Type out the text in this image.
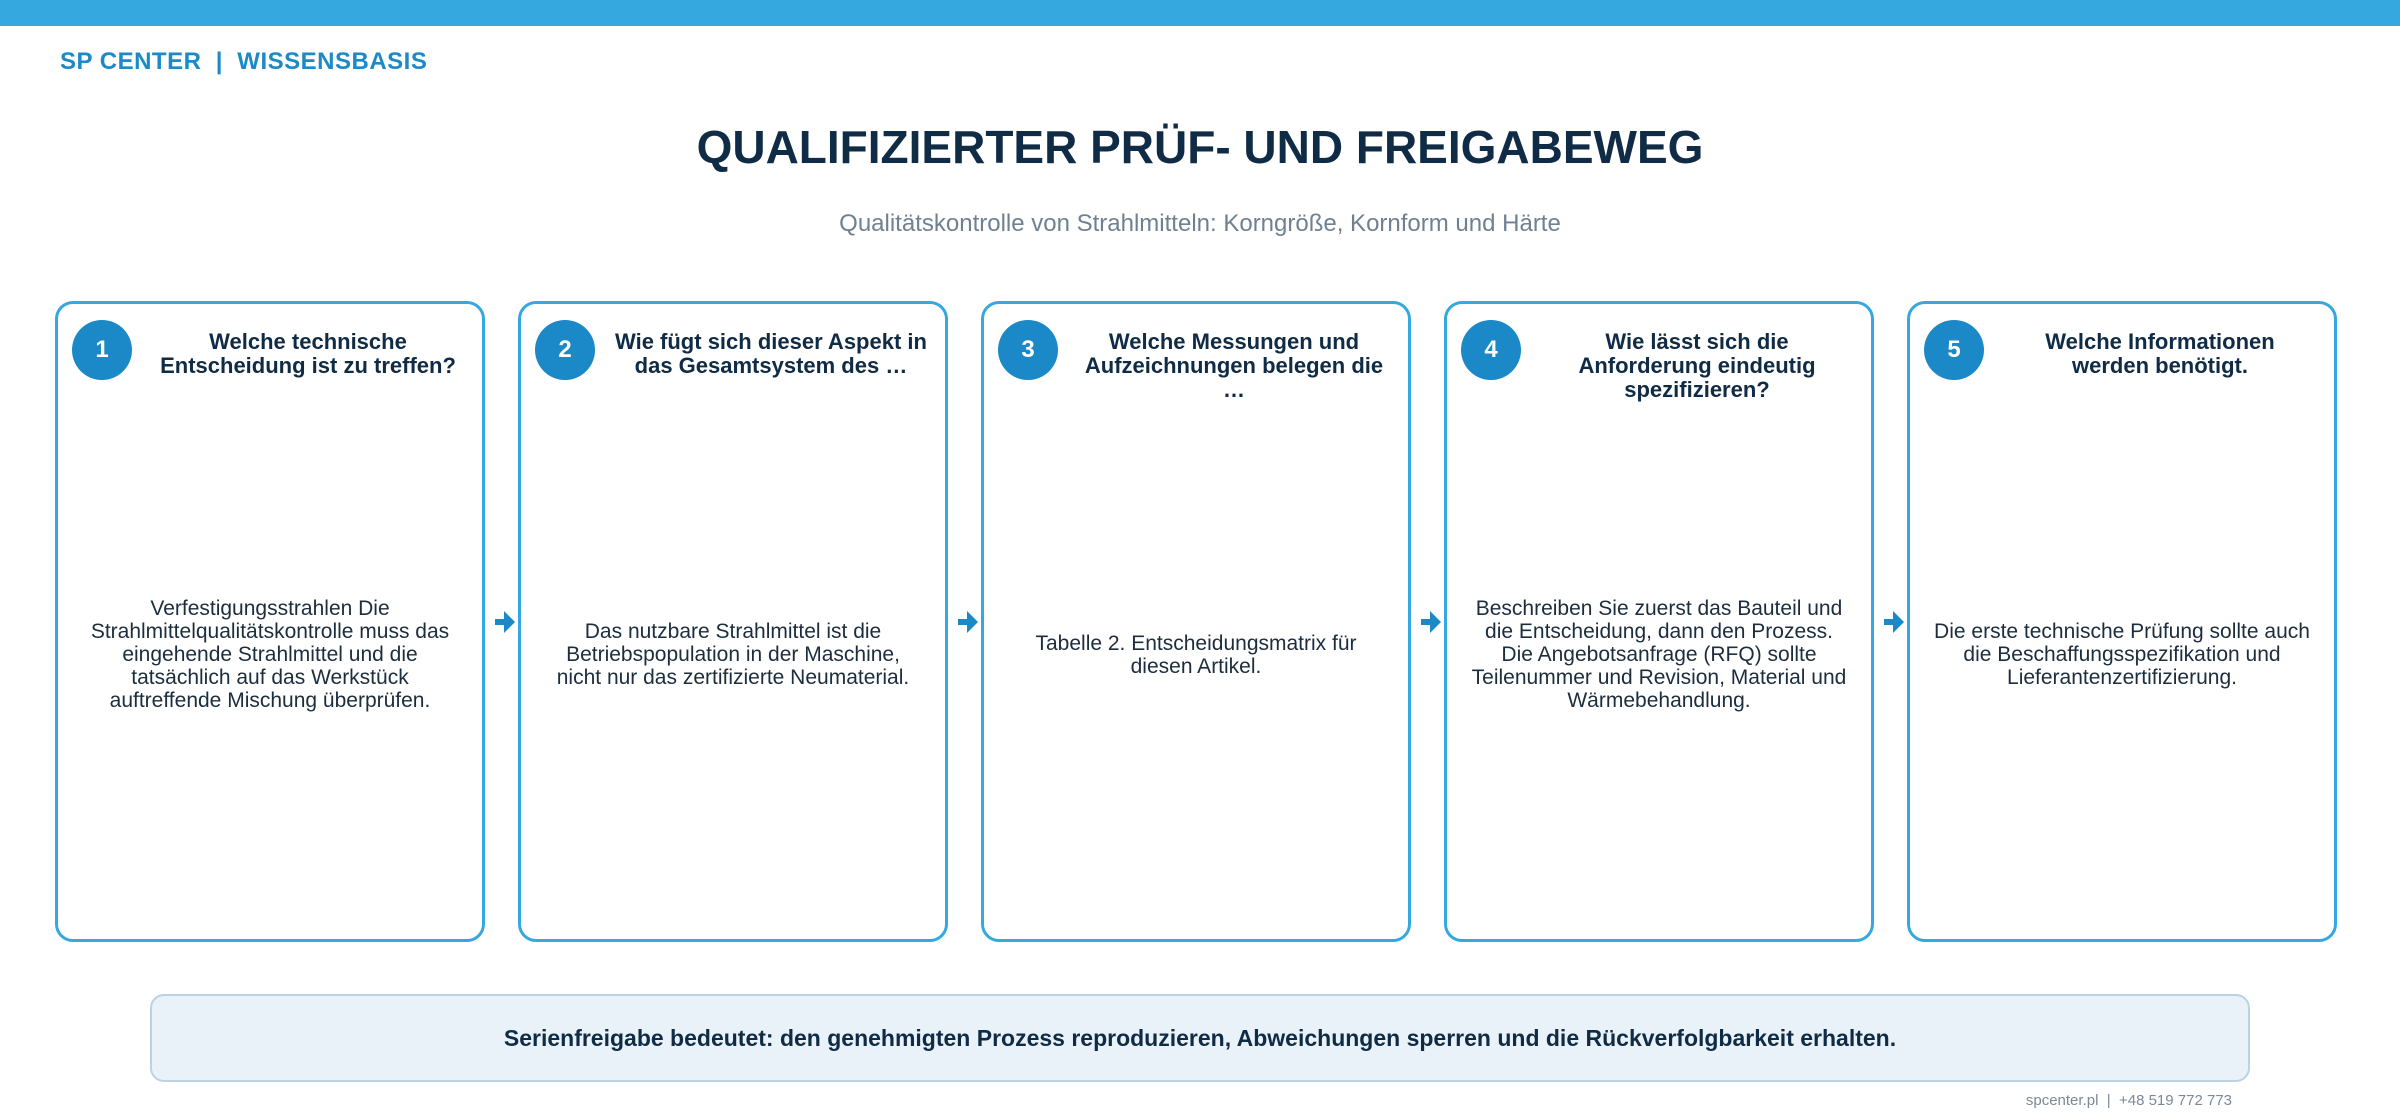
SP CENTER  |  WISSENSBASIS
QUALIFIZIERTER PRÜF- UND FREIGABEWEG
Qualitätskontrolle von Strahlmitteln: Korngröße, Kornform und Härte
1	Welche technische Entscheidung ist zu treffen?
Verfestigungsstrahlen Die Strahlmittelqualitätskontrolle muss das eingehende Strahlmittel und die tatsächlich auf das Werkstück auftreffende Mischung überprüfen.
2	Wie fügt sich dieser Aspekt in das Gesamtsystem des …
Das nutzbare Strahlmittel ist die Betriebspopulation in der Maschine, nicht nur das zertifizierte Neumaterial.
3	Welche Messungen und Aufzeichnungen belegen die …
Tabelle 2. Entscheidungsmatrix für diesen Artikel.
4	Wie lässt sich die Anforderung eindeutig spezifizieren?
Beschreiben Sie zuerst das Bauteil und die Entscheidung, dann den Prozess. Die Angebotsanfrage (RFQ) sollte Teilenummer und Revision, Material und Wärmebehandlung.
5	Welche Informationen werden benötigt.
Die erste technische Prüfung sollte auch die Beschaffungsspezifikation und Lieferantenzertifizierung.
Serienfreigabe bedeutet: den genehmigten Prozess reproduzieren, Abweichungen sperren und die Rückverfolgbarkeit erhalten.
spcenter.pl  |  +48 519 772 773
